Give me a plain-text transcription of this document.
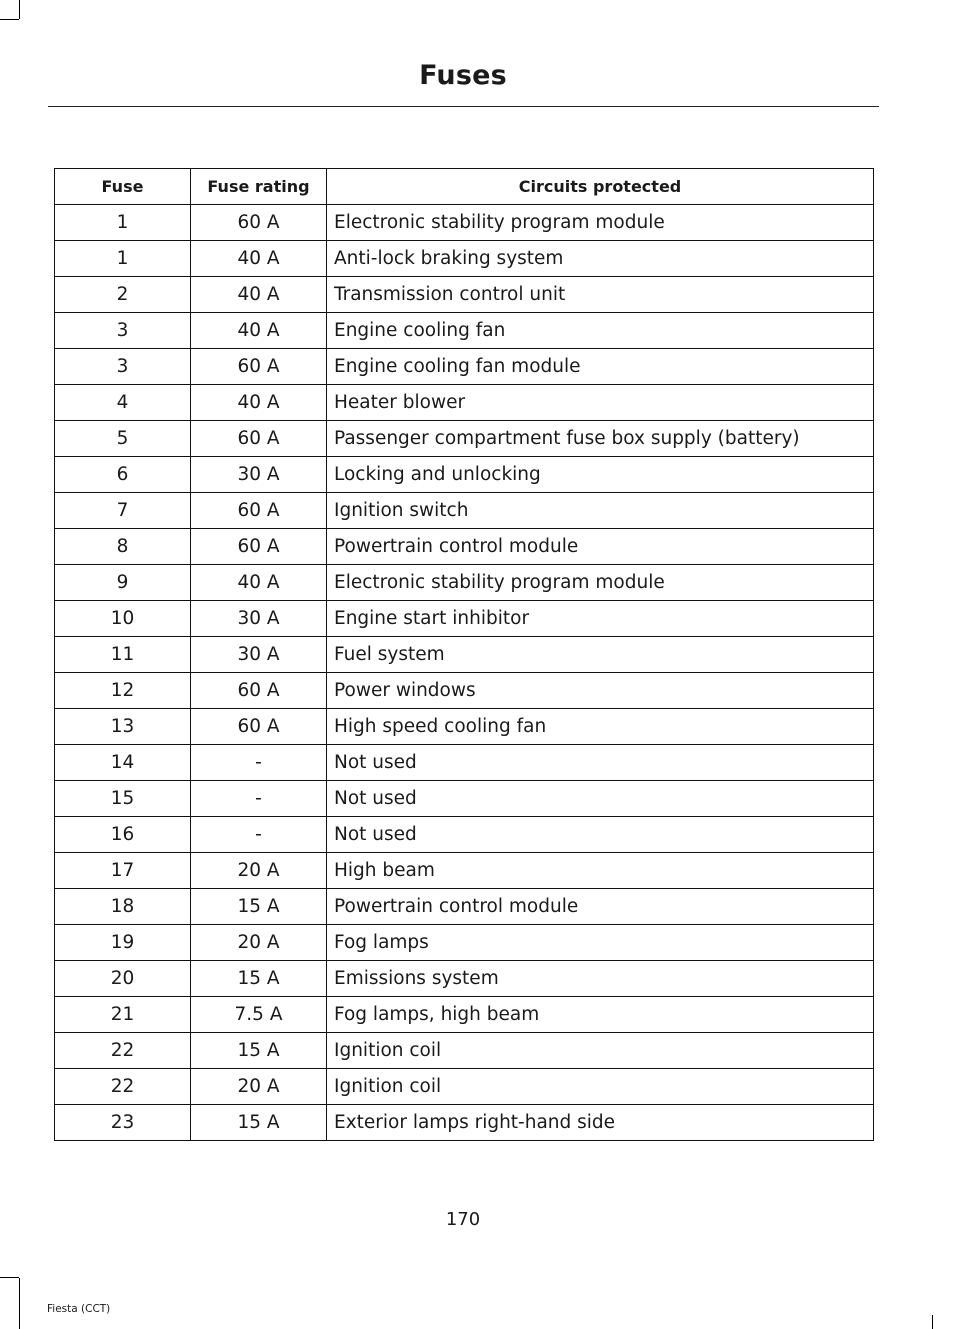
Fuses
Fuse	Fuse rating	Circuits protected
1	60 A	Electronic stability program module
1	40 A	Anti-lock braking system
2	40 A	Transmission control unit
3	40 A	Engine cooling fan
3	60 A	Engine cooling fan module
4	40 A	Heater blower
5	60 A	Passenger compartment fuse box supply (battery)
6	30 A	Locking and unlocking
7	60 A	Ignition switch
8	60 A	Powertrain control module
9	40 A	Electronic stability program module
10	30 A	Engine start inhibitor
11	30 A	Fuel system
12	60 A	Power windows
13	60 A	High speed cooling fan
14	-	Not used
15	-	Not used
16	-	Not used
17	20 A	High beam
18	15 A	Powertrain control module
19	20 A	Fog lamps
20	15 A	Emissions system
21	7.5 A	Fog lamps, high beam
22	15 A	Ignition coil
22	20 A	Ignition coil
23	15 A	Exterior lamps right-hand side
170
Fiesta (CCT)
